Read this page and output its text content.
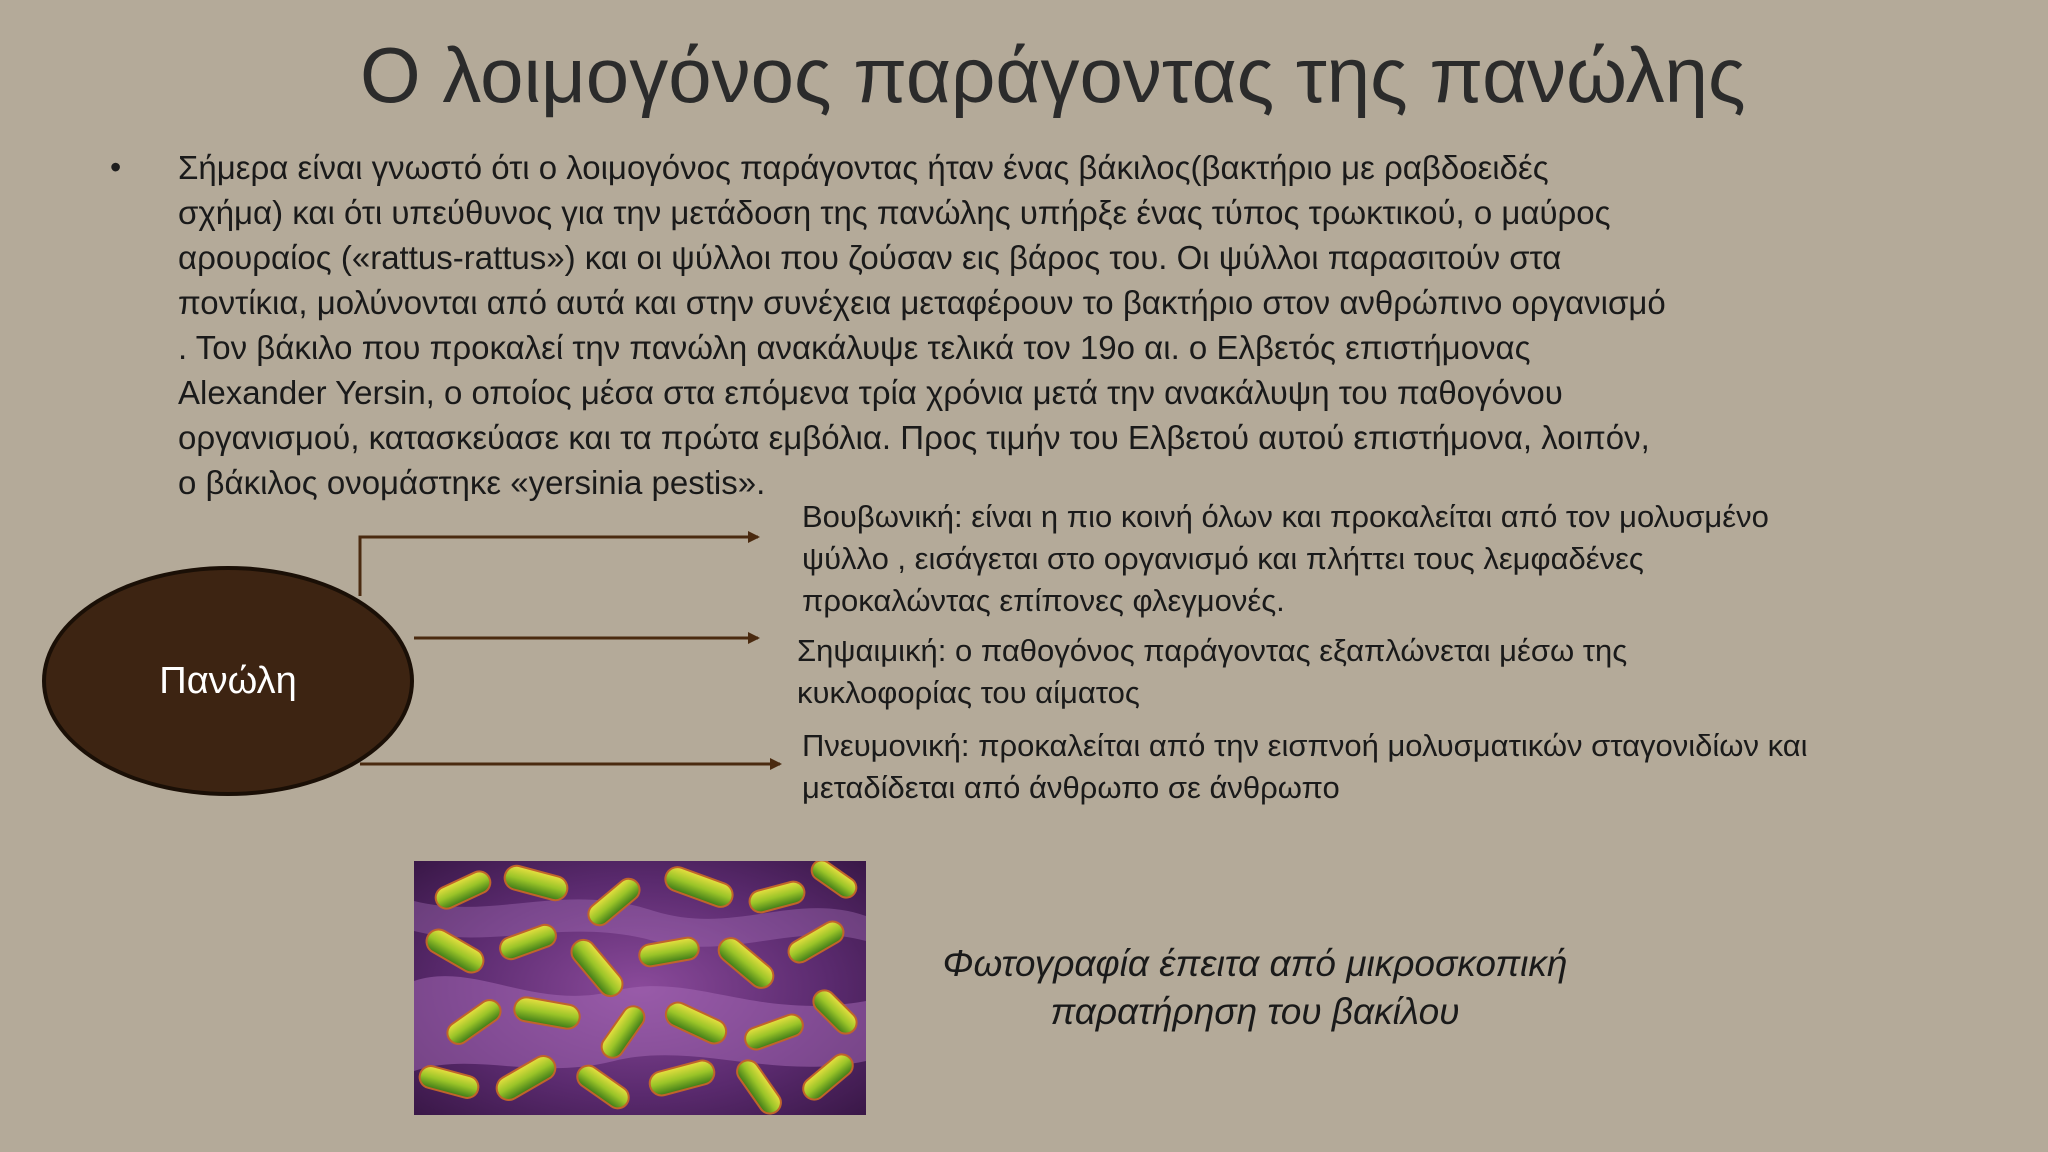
Ο λοιμογόνος παράγοντας της πανώλης
• Σήμερα είναι γνωστό ότι ο λοιμογόνος παράγοντας ήταν ένας βάκιλος(βακτήριο με ραβδοειδές
σχήμα) και ότι υπεύθυνος για την μετάδοση της πανώλης υπήρξε ένας τύπος τρωκτικού, ο μαύρος
αρουραίος («rattus-rattus») και οι ψύλλοι που ζούσαν εις βάρος του. Οι ψύλλοι παρασιτούν στα
ποντίκια, μολύνονται από αυτά και στην συνέχεια μεταφέρουν το βακτήριο στον ανθρώπινο οργανισμό
. Τον βάκιλο που προκαλεί την πανώλη ανακάλυψε τελικά τον 19ο αι. ο Ελβετός επιστήμονας
Alexander Yersin, ο οποίος μέσα στα επόμενα τρία χρόνια μετά την ανακάλυψη του παθογόνου
οργανισμού, κατασκεύασε και τα πρώτα εμβόλια. Προς τιμήν του Ελβετού αυτού επιστήμονα, λοιπόν,
ο βάκιλος ονομάστηκε «yersinia pestis».
Πανώλη
Βουβωνική: είναι η πιο κοινή όλων και προκαλείται από τον μολυσμένο
ψύλλο , εισάγεται στο οργανισμό και πλήττει τους λεμφαδένες
προκαλώντας επίπονες φλεγμονές.
Σηψαιμική: ο παθογόνος παράγοντας εξαπλώνεται μέσω της
κυκλοφορίας του αίματος
Πνευμονική: προκαλείται από την εισπνοή μολυσματικών σταγονιδίων και
μεταδίδεται από άνθρωπο σε άνθρωπο
Φωτογραφία έπειτα από μικροσκοπική
παρατήρηση του βακίλου
